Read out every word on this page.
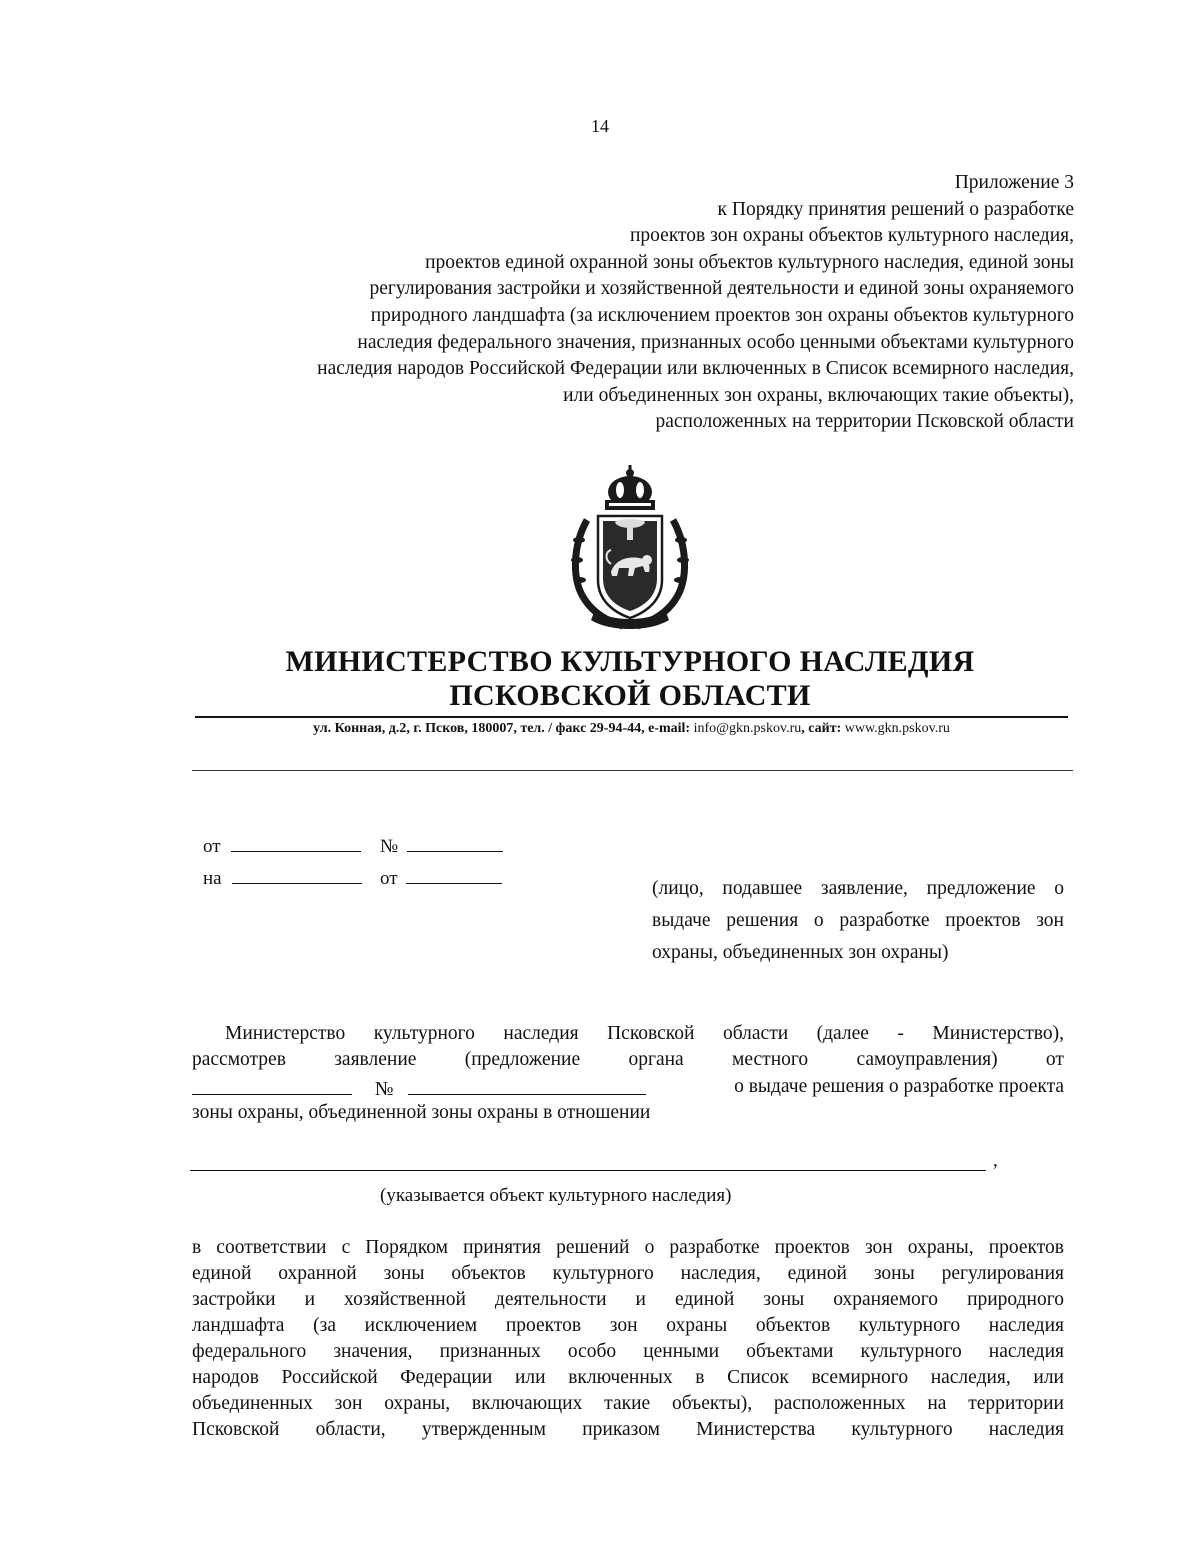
14
Приложение 3
к Порядку принятия решений о разработке
проектов зон охраны объектов культурного наследия,
проектов единой охранной зоны объектов культурного наследия, единой зоны
регулирования застройки и хозяйственной деятельности и единой зоны охраняемого
природного ландшафта (за исключением проектов зон охраны объектов культурного
наследия федерального значения, признанных особо ценными объектами культурного
наследия народов Российской Федерации или включенных в Список всемирного наследия,
или объединенных зон охраны, включающих такие объекты),
расположенных на территории Псковской области
МИНИСТЕРСТВО КУЛЬТУРНОГО НАСЛЕДИЯ
ПСКОВСКОЙ ОБЛАСТИ
ул. Конная, д.2, г. Псков, 180007, тел. / факс 29-94-44, e-mail: info@gkn.pskov.ru, сайт: www.gkn.pskov.ru
от	№
на	от	(лицо, подавшее заявление, предложение о
выдаче решения о разработке проектов зон
охраны, объединенных зон охраны)
Министерство культурного наследия Псковской области (далее - Министерство),
рассмотрев заявление (предложение органа местного самоуправления) от
№	о выдаче решения о разработке проекта
зоны охраны, объединенной зоны охраны в отношении
,
(указывается объект культурного наследия)
в соответствии с Порядком принятия решений о разработке проектов зон охраны, проектов
единой охранной зоны объектов культурного наследия, единой зоны регулирования
застройки и хозяйственной деятельности и единой зоны охраняемого природного
ландшафта (за исключением проектов зон охраны объектов культурного наследия
федерального значения, признанных особо ценными объектами культурного наследия
народов Российской Федерации или включенных в Список всемирного наследия, или
объединенных зон охраны, включающих такие объекты), расположенных на территории
Псковской области, утвержденным приказом Министерства культурного наследия
